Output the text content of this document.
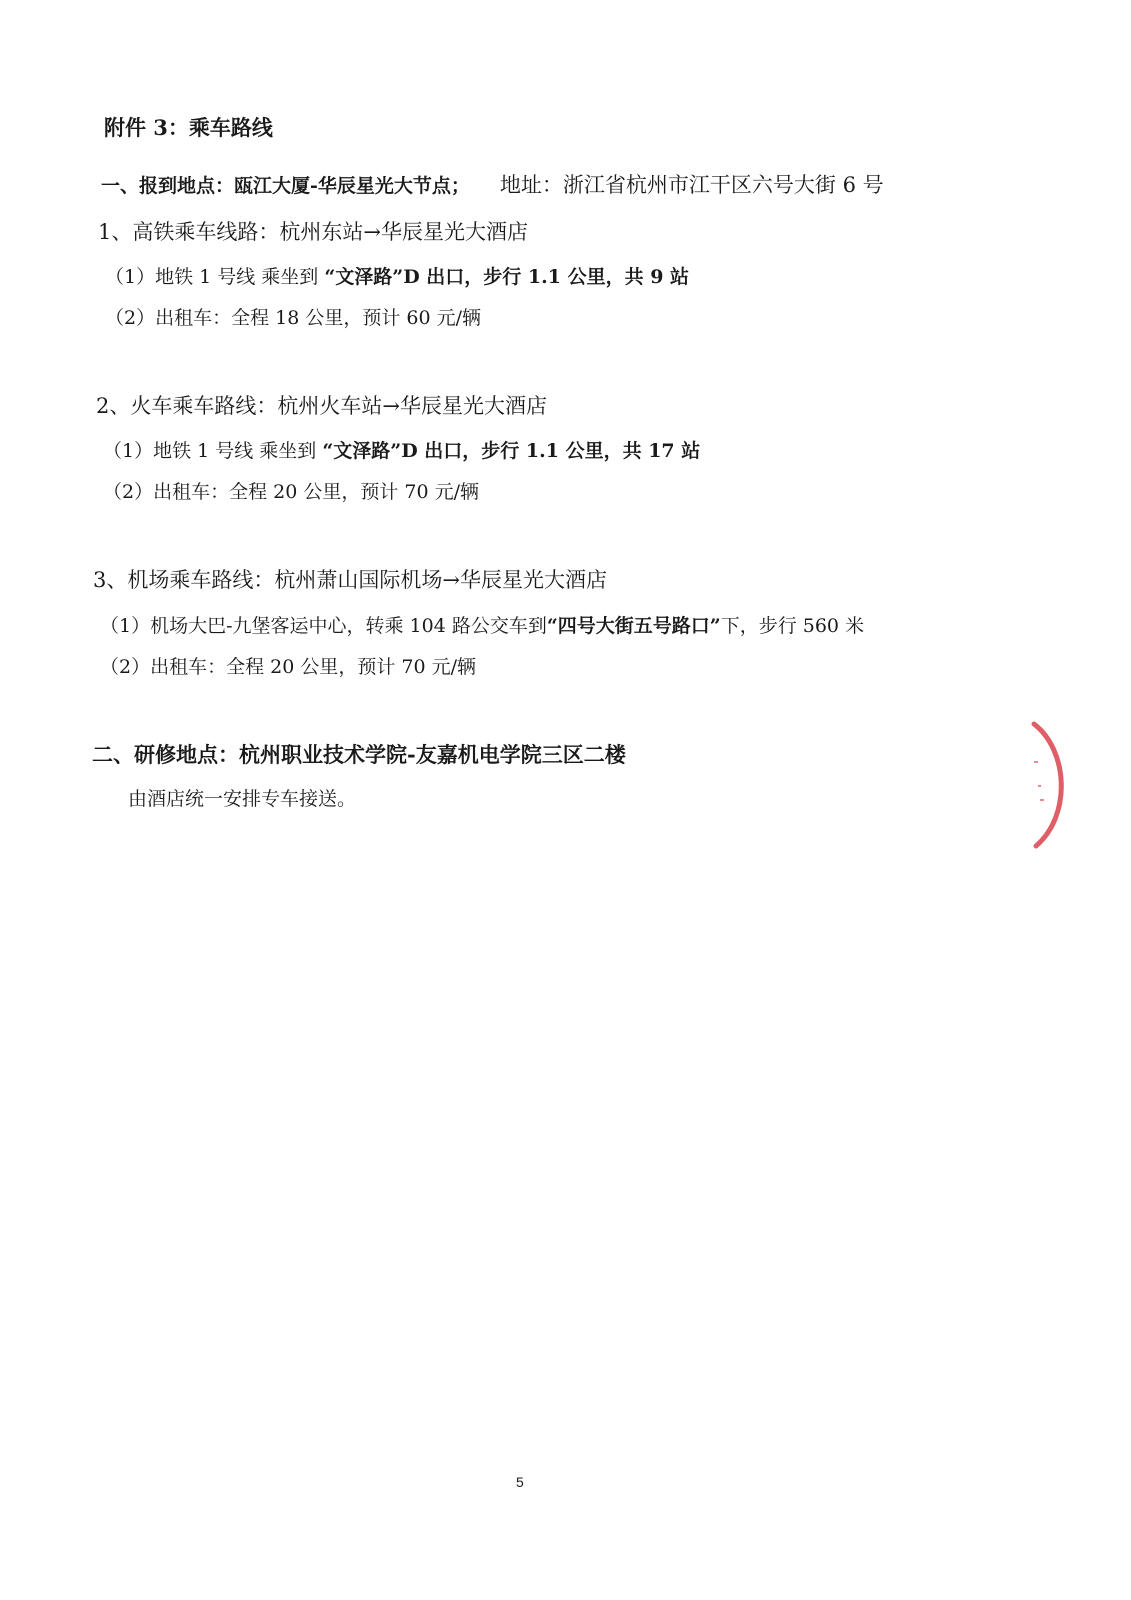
附件 3：乘车路线
一、报到地点：瓯江大厦-华辰星光大节点； 地址：浙江省杭州市江干区六号大街 6 号
1、高铁乘车线路：杭州东站→华辰星光大酒店
（1）地铁 1 号线 乘坐到 “文泽路”D 出口，步行 1.1 公里，共 9 站
（2）出租车：全程 18 公里，预计 60 元/辆
2、火车乘车路线：杭州火车站→华辰星光大酒店
（1）地铁 1 号线 乘坐到 “文泽路”D 出口，步行 1.1 公里，共 17 站
（2）出租车：全程 20 公里，预计 70 元/辆
3、机场乘车路线：杭州萧山国际机场→华辰星光大酒店
（1）机场大巴-九堡客运中心，转乘 104 路公交车到“四号大街五号路口”下，步行 560 米
（2）出租车：全程 20 公里，预计 70 元/辆
二、研修地点：杭州职业技术学院-友嘉机电学院三区二楼
由酒店统一安排专车接送。
5
